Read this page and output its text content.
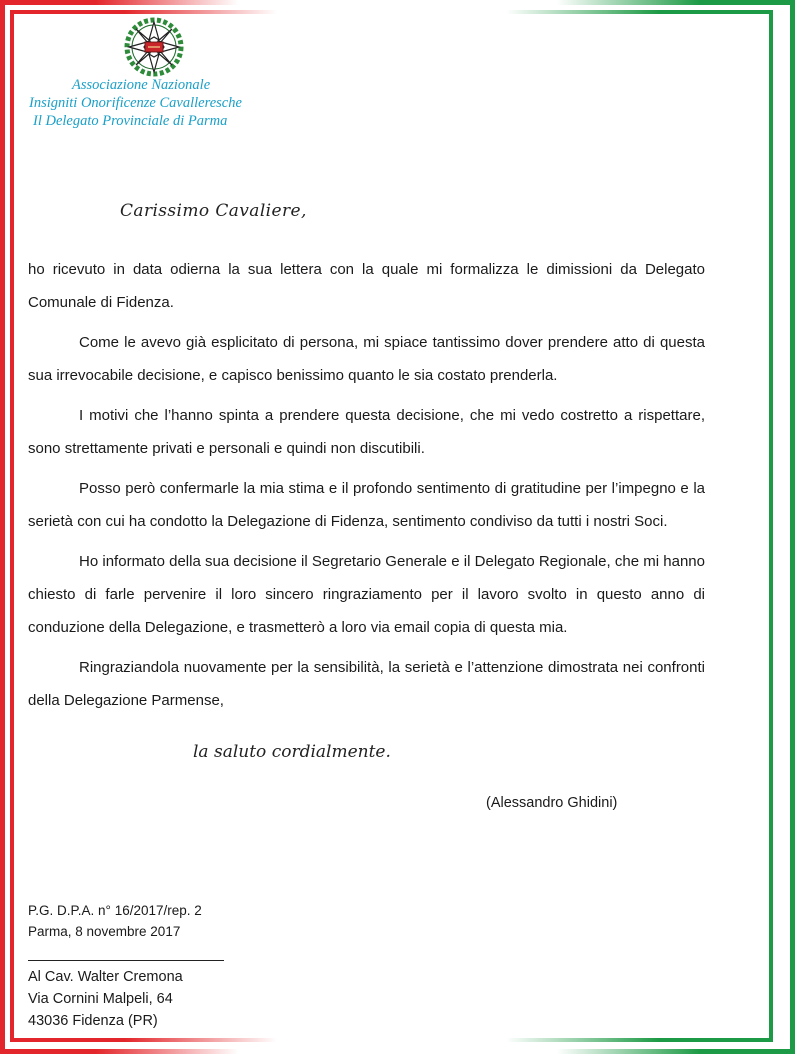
Associazione Nazionale
Insigniti Onorificenze Cavalleresche
Il Delegato Provinciale di Parma
Carissimo Cavaliere,

ho ricevuto in data odierna la sua lettera con la quale mi formalizza le dimissioni da Delegato Comunale di Fidenza.

Come le avevo già esplicitato di persona, mi spiace tantissimo dover prendere atto di questa sua irrevocabile decisione, e capisco benissimo quanto le sia costato prenderla.

I motivi che l’hanno spinta a prendere questa decisione, che mi vedo costretto a rispettare, sono strettamente privati e personali e quindi non discutibili.

Posso però confermarle la mia stima e il profondo sentimento di gratitudine per l’impegno e la serietà con cui ha condotto la Delegazione di Fidenza, sentimento condiviso da tutti i nostri Soci.

Ho informato della sua decisione il Segretario Generale e il Delegato Regionale, che mi hanno chiesto di farle pervenire il loro sincero ringraziamento per il lavoro svolto in questo anno di conduzione della Delegazione, e trasmetterò a loro via email copia di questa mia.

Ringraziandola nuovamente per la sensibilità, la serietà e l’attenzione dimostrata nei confronti della Delegazione Parmense,

la saluto cordialmente.
(Alessandro Ghidini)
P.G. D.P.A. n° 16/2017/rep. 2
Parma, 8 novembre 2017
Al Cav. Walter Cremona
Via Cornini Malpeli, 64
43036 Fidenza (PR)
